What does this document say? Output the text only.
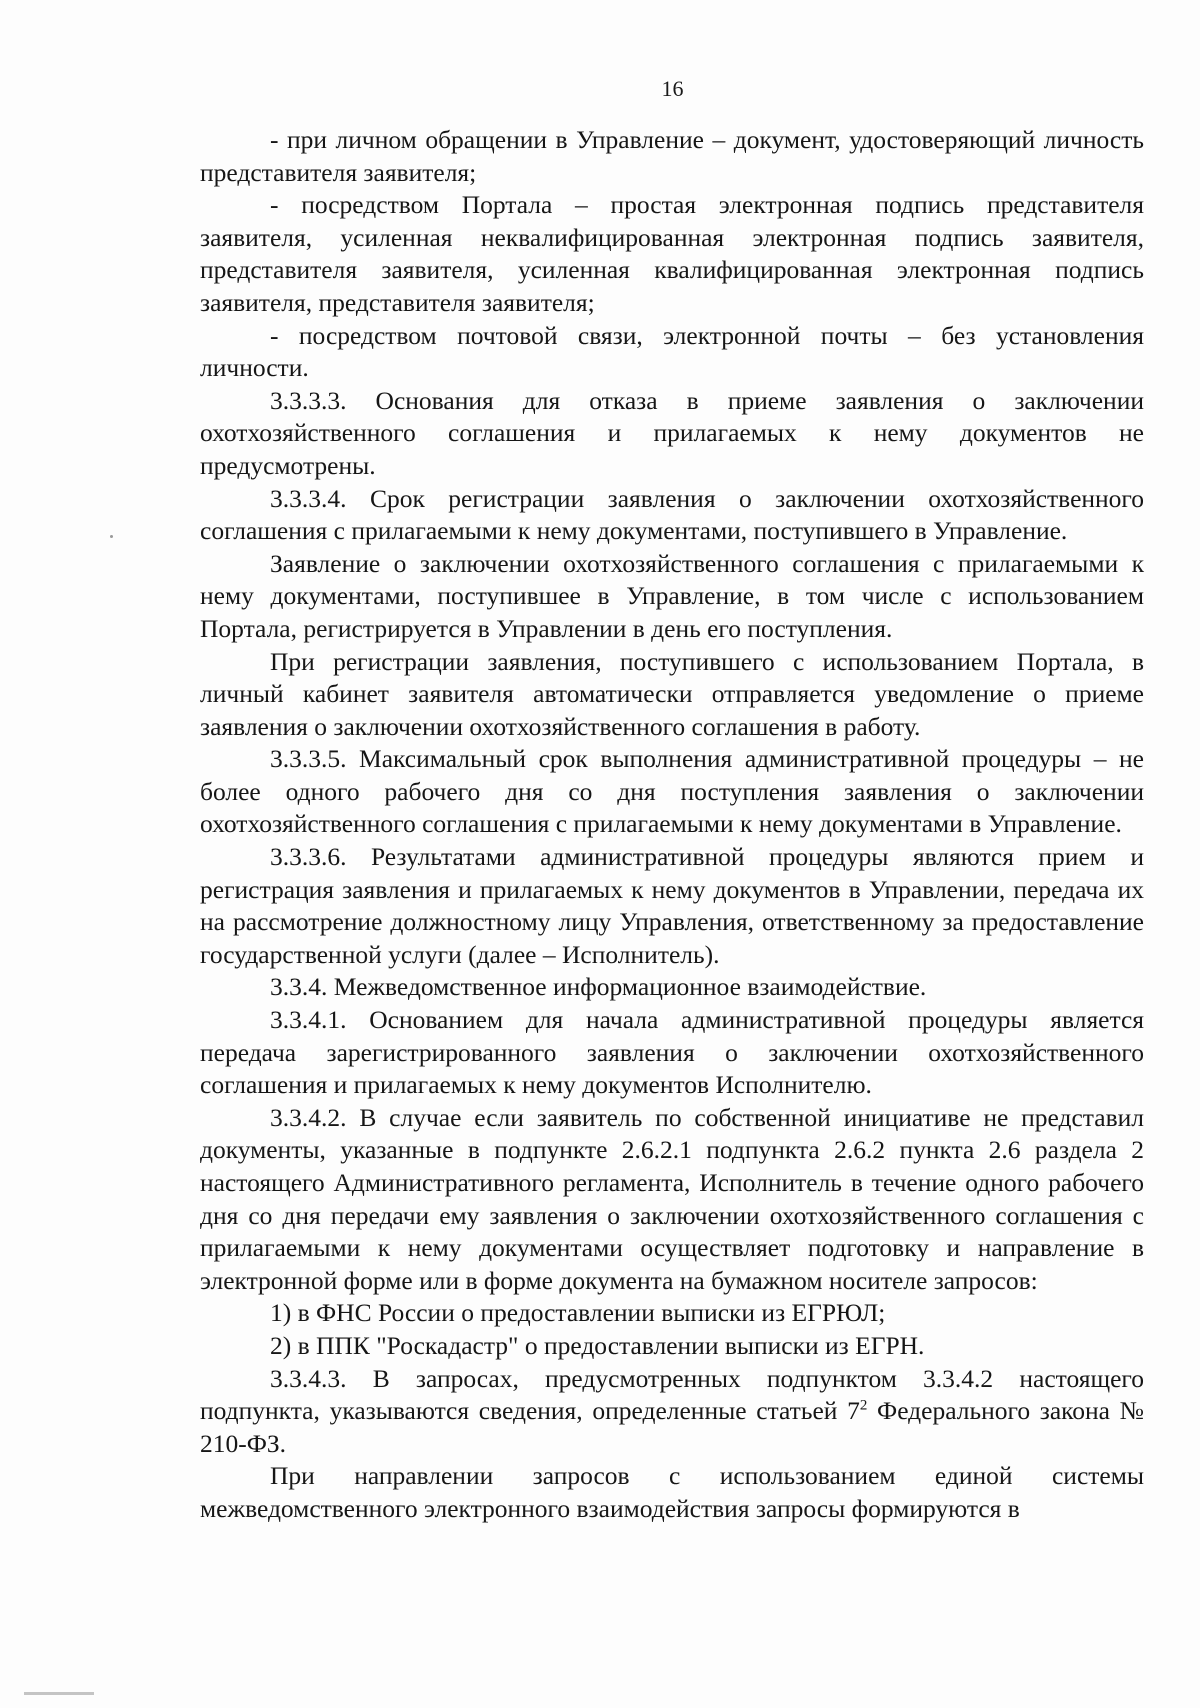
16

- при личном обращении в Управление – документ, удостоверяющий личность представителя заявителя;

- посредством Портала – простая электронная подпись представителя заявителя, усиленная неквалифицированная электронная подпись заявителя, представителя заявителя, усиленная квалифицированная электронная подпись заявителя, представителя заявителя;

- посредством почтовой связи, электронной почты – без установления личности.

3.3.3.3. Основания для отказа в приеме заявления о заключении охотхозяйственного соглашения и прилагаемых к нему документов не предусмотрены.

3.3.3.4. Срок регистрации заявления о заключении охотхозяйственного соглашения с прилагаемыми к нему документами, поступившего в Управление.

Заявление о заключении охотхозяйственного соглашения с прилагаемыми к нему документами, поступившее в Управление, в том числе с использованием Портала, регистрируется в Управлении в день его поступления.

При регистрации заявления, поступившего с использованием Портала, в личный кабинет заявителя автоматически отправляется уведомление о приеме заявления о заключении охотхозяйственного соглашения в работу.

3.3.3.5. Максимальный срок выполнения административной процедуры – не более одного рабочего дня со дня поступления заявления о заключении охотхозяйственного соглашения с прилагаемыми к нему документами в Управление.

3.3.3.6. Результатами административной процедуры являются прием и регистрация заявления и прилагаемых к нему документов в Управлении, передача их на рассмотрение должностному лицу Управления, ответственному за предоставление государственной услуги (далее – Исполнитель).

3.3.4. Межведомственное информационное взаимодействие.

3.3.4.1. Основанием для начала административной процедуры является передача зарегистрированного заявления о заключении охотхозяйственного соглашения и прилагаемых к нему документов Исполнителю.

3.3.4.2. В случае если заявитель по собственной инициативе не представил документы, указанные в подпункте 2.6.2.1 подпункта 2.6.2 пункта 2.6 раздела 2 настоящего Административного регламента, Исполнитель в течение одного рабочего дня со дня передачи ему заявления о заключении охотхозяйственного соглашения с прилагаемыми к нему документами осуществляет подготовку и направление в электронной форме или в форме документа на бумажном носителе запросов:

1) в ФНС России о предоставлении выписки из ЕГРЮЛ;

2) в ППК "Роскадастр" о предоставлении выписки из ЕГРН.

3.3.4.3. В запросах, предусмотренных подпунктом 3.3.4.2 настоящего подпункта, указываются сведения, определенные статьей $7^2$ Федерального закона № 210-ФЗ.

При направлении запросов с использованием единой системы межведомственного электронного взаимодействия запросы формируются в
